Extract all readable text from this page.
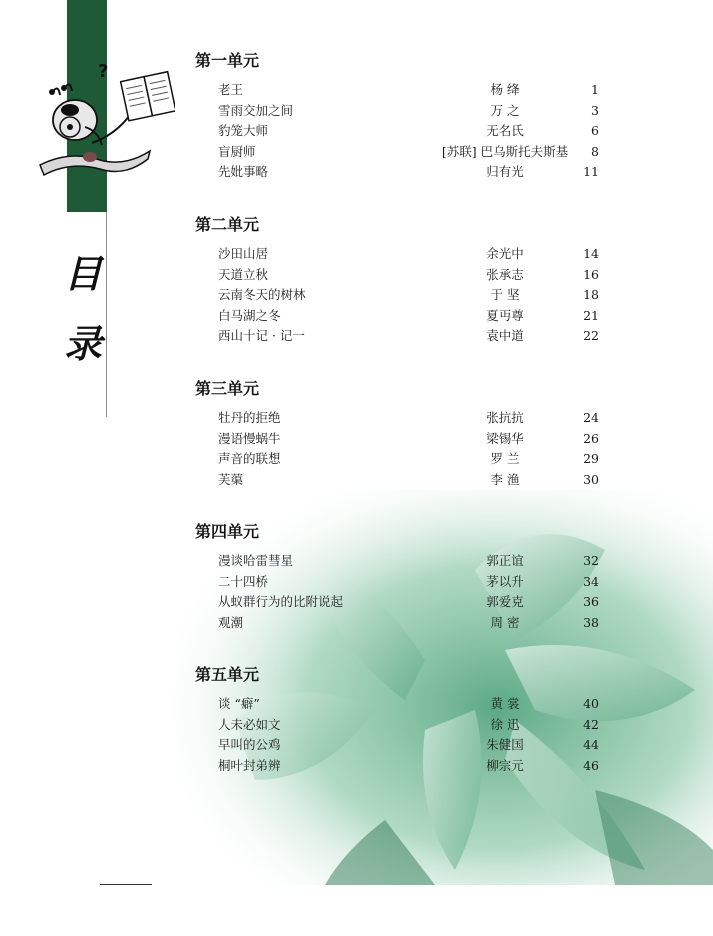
?
目
录
第一单元
老王	杨 绛	1
雪雨交加之间	万 之	3
豹笼大师	无名氏	6
盲厨师	[苏联] 巴乌斯托夫斯基	8
先妣事略	归有光	11
第二单元
沙田山居	余光中	14
天道立秋	张承志	16
云南冬天的树林	于 坚	18
白马湖之冬	夏丏尊	21
西山十记 · 记一	袁中道	22
第三单元
牡丹的拒绝	张抗抗	24
漫语慢蜗牛	梁锡华	26
声音的联想	罗 兰	29
芙蕖	李 渔	30
第四单元
漫谈哈雷彗星	郭正谊	32
二十四桥	茅以升	34
从蚁群行为的比附说起	郭爱克	36
观潮	周 密	38
第五单元
谈 “癖”	黄 裳	40
人未必如文	徐 迅	42
早叫的公鸡	朱健国	44
桐叶封弟辨	柳宗元	46
